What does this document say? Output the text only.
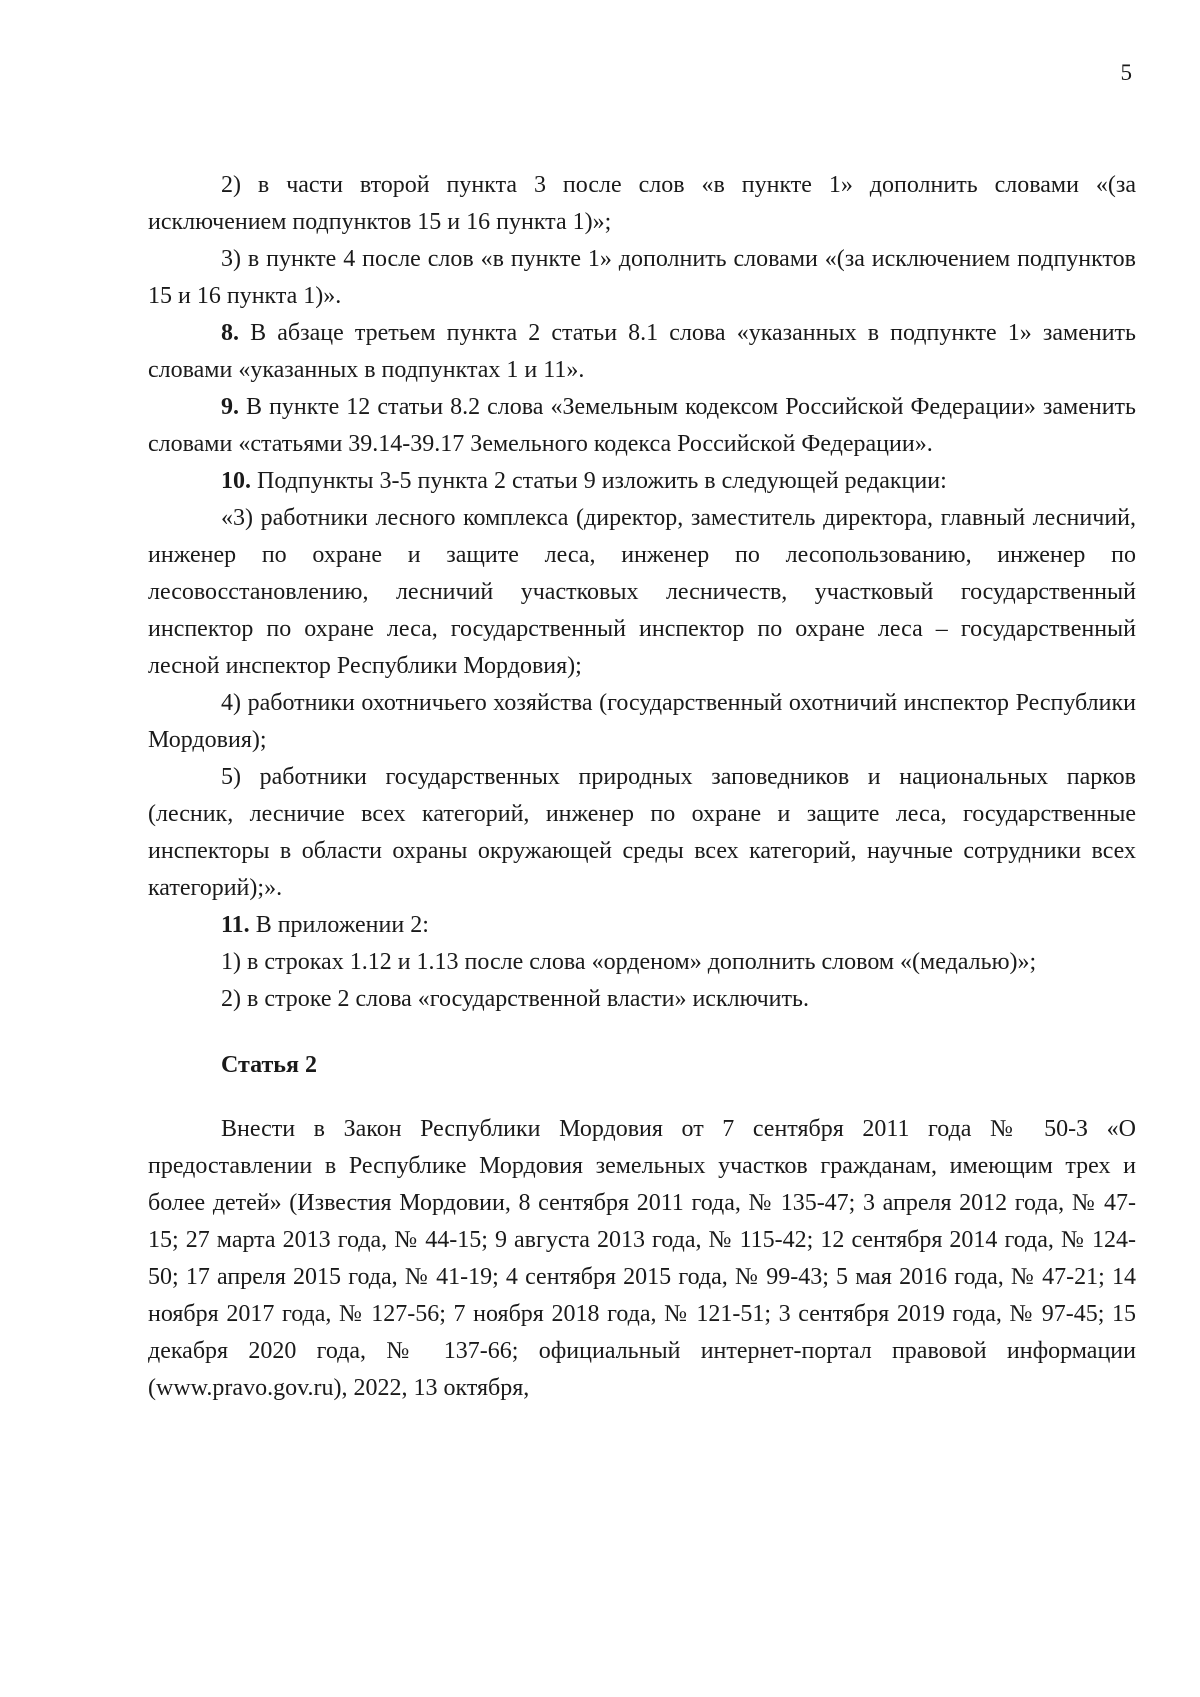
5

2) в части второй пункта 3 после слов «в пункте 1» дополнить словами «(за исключением подпунктов 15 и 16 пункта 1)»;

3) в пункте 4 после слов «в пункте 1» дополнить словами «(за исключением подпунктов 15 и 16 пункта 1)».

8. В абзаце третьем пункта 2 статьи 8.1 слова «указанных в подпункте 1» заменить словами «указанных в подпунктах 1 и 11».

9. В пункте 12 статьи 8.2 слова «Земельным кодексом Российской Федерации» заменить словами «статьями 39.14-39.17 Земельного кодекса Российской Федерации».

10. Подпункты 3-5 пункта 2 статьи 9 изложить в следующей редакции:

«3) работники лесного комплекса (директор, заместитель директора, главный лесничий, инженер по охране и защите леса, инженер по лесопользованию, инженер по лесовосстановлению, лесничий участковых лесничеств, участковый государственный инспектор по охране леса, государственный инспектор по охране леса – государственный лесной инспектор Республики Мордовия);

4) работники охотничьего хозяйства (государственный охотничий инспектор Республики Мордовия);

5) работники государственных природных заповедников и национальных парков (лесник, лесничие всех категорий, инженер по охране и защите леса, государственные инспекторы в области охраны окружающей среды всех категорий, научные сотрудники всех категорий);».

11. В приложении 2:

1) в строках 1.12 и 1.13 после слова «орденом» дополнить словом «(медалью)»;

2) в строке 2 слова «государственной власти» исключить.

Статья 2

Внести в Закон Республики Мордовия от 7 сентября 2011 года № 50-З «О предоставлении в Республике Мордовия земельных участков гражданам, имеющим трех и более детей» (Известия Мордовии, 8 сентября 2011 года, № 135-47; 3 апреля 2012 года, № 47-15; 27 марта 2013 года, № 44-15; 9 августа 2013 года, № 115-42; 12 сентября 2014 года, № 124-50; 17 апреля 2015 года, № 41-19; 4 сентября 2015 года, № 99-43; 5 мая 2016 года, № 47-21; 14 ноября 2017 года, № 127-56; 7 ноября 2018 года, № 121-51; 3 сентября 2019 года, № 97-45; 15 декабря 2020 года, № 137-66; официальный интернет-портал правовой информации (www.pravo.gov.ru), 2022, 13 октября,
